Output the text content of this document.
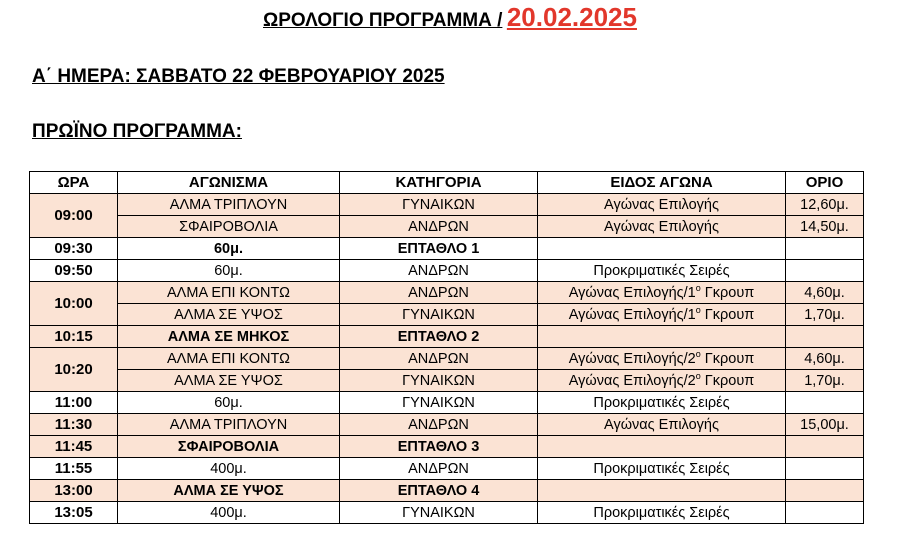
ΩΡΟΛΟΓΙΟ ΠΡΟΓΡΑΜΜΑ / 20.02.2025
Α΄ ΗΜΕΡΑ: ΣΑΒΒΑΤΟ 22 ΦΕΒΡΟΥΑΡΙΟΥ 2025
ΠΡΩΪΝΟ ΠΡΟΓΡΑΜΜΑ:
ΩΡΑ	ΑΓΩΝΙΣΜΑ	ΚΑΤΗΓΟΡΙΑ	ΕΙΔΟΣ ΑΓΩΝΑ	ΟΡΙΟ
09:00	ΑΛΜΑ ΤΡΙΠΛΟΥΝ	ΓΥΝΑΙΚΩΝ	Αγώνας Επιλογής	12,60μ.
	ΣΦΑΙΡΟΒΟΛΙΑ	ΑΝΔΡΩΝ	Αγώνας Επιλογής	14,50μ.
09:30	60μ.	ΕΠΤΑΘΛΟ 1		
09:50	60μ.	ΑΝΔΡΩΝ	Προκριματικές Σειρές	
10:00	ΑΛΜΑ ΕΠΙ ΚΟΝΤΩ	ΑΝΔΡΩΝ	Αγώνας Επιλογής/$1^o$ Γκρουπ	4,60μ.
	ΑΛΜΑ ΣΕ ΥΨΟΣ	ΓΥΝΑΙΚΩΝ	Αγώνας Επιλογής/$1^o$ Γκρουπ	1,70μ.
10:15	ΑΛΜΑ ΣΕ ΜΗΚΟΣ	ΕΠΤΑΘΛΟ 2		
10:20	ΑΛΜΑ ΕΠΙ ΚΟΝΤΩ	ΑΝΔΡΩΝ	Αγώνας Επιλογής/$2^o$ Γκρουπ	4,60μ.
	ΑΛΜΑ ΣΕ ΥΨΟΣ	ΓΥΝΑΙΚΩΝ	Αγώνας Επιλογής/$2^o$ Γκρουπ	1,70μ.
11:00	60μ.	ΓΥΝΑΙΚΩΝ	Προκριματικές Σειρές	
11:30	ΑΛΜΑ ΤΡΙΠΛΟΥΝ	ΑΝΔΡΩΝ	Αγώνας Επιλογής	15,00μ.
11:45	ΣΦΑΙΡΟΒΟΛΙΑ	ΕΠΤΑΘΛΟ 3		
11:55	400μ.	ΑΝΔΡΩΝ	Προκριματικές Σειρές	
13:00	ΑΛΜΑ ΣΕ ΥΨΟΣ	ΕΠΤΑΘΛΟ 4		
13:05	400μ.	ΓΥΝΑΙΚΩΝ	Προκριματικές Σειρές	
